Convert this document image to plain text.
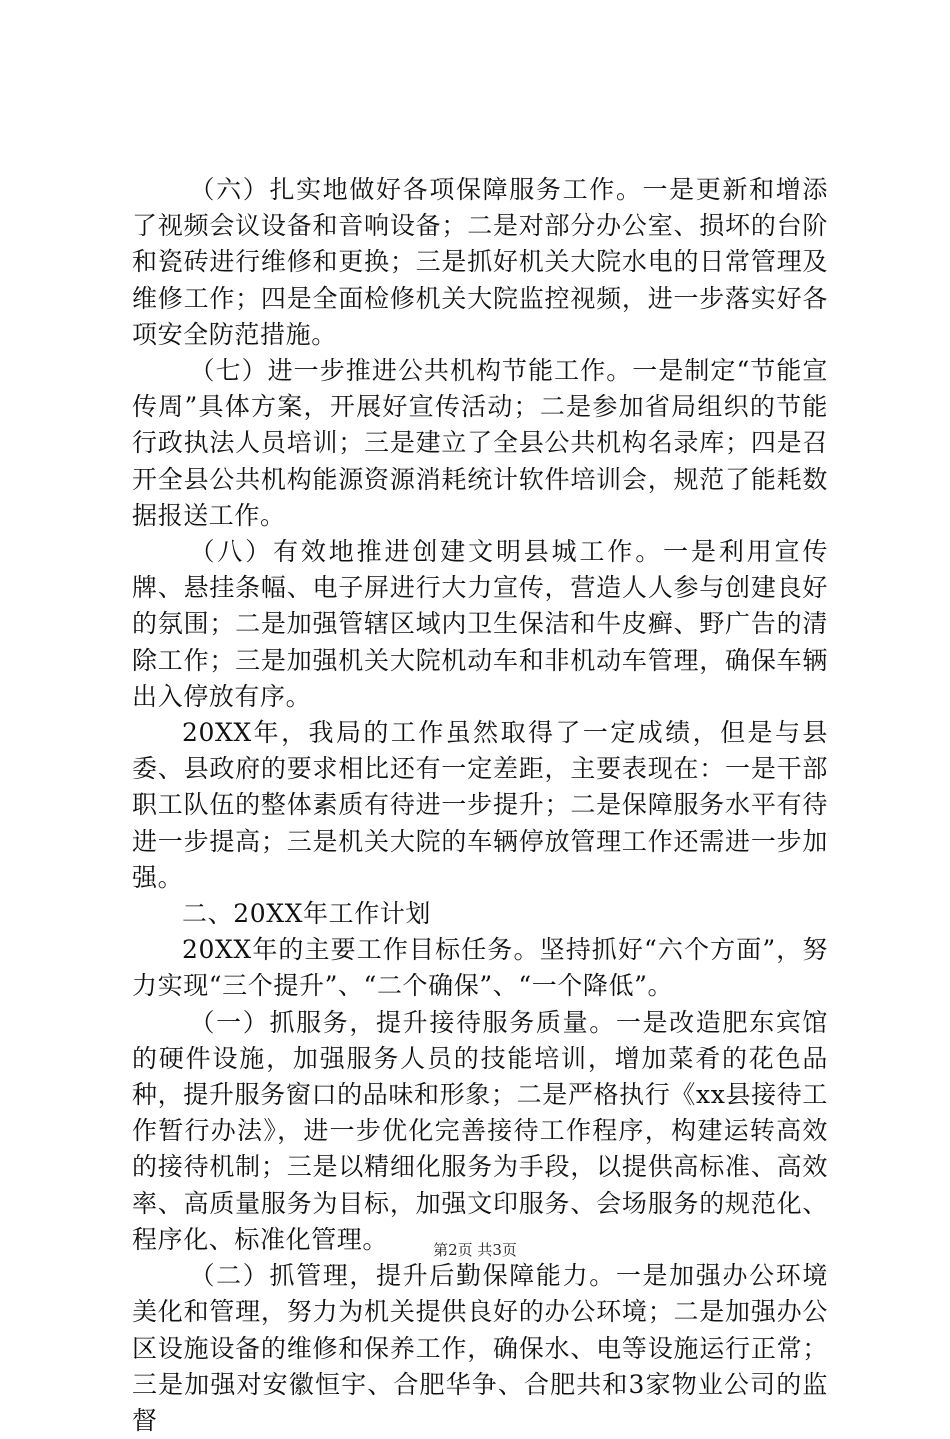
（六）扎实地做好各项保障服务工作。一是更新和增添了视频会议设备和音响设备；二是对部分办公室、损坏的台阶和瓷砖进行维修和更换；三是抓好机关大院水电的日常管理及维修工作；四是全面检修机关大院监控视频，进一步落实好各项安全防范措施。

（七）进一步推进公共机构节能工作。一是制定“节能宣传周”具体方案，开展好宣传活动；二是参加省局组织的节能行政执法人员培训；三是建立了全县公共机构名录库；四是召开全县公共机构能源资源消耗统计软件培训会，规范了能耗数据报送工作。

（八）有效地推进创建文明县城工作。一是利用宣传牌、悬挂条幅、电子屏进行大力宣传，营造人人参与创建良好的氛围；二是加强管辖区域内卫生保洁和牛皮癣、野广告的清除工作；三是加强机关大院机动车和非机动车管理，确保车辆出入停放有序。

20XX年，我局的工作虽然取得了一定成绩，但是与县委、县政府的要求相比还有一定差距，主要表现在：一是干部职工队伍的整体素质有待进一步提升；二是保障服务水平有待进一步提高；三是机关大院的车辆停放管理工作还需进一步加强。

二、20XX年工作计划

20XX年的主要工作目标任务。坚持抓好“六个方面”，努力实现“三个提升”、“二个确保”、“一个降低”。

（一）抓服务，提升接待服务质量。一是改造肥东宾馆的硬件设施，加强服务人员的技能培训，增加菜肴的花色品种，提升服务窗口的品味和形象；二是严格执行《xx县接待工作暂行办法》，进一步优化完善接待工作程序，构建运转高效的接待机制；三是以精细化服务为手段，以提供高标准、高效率、高质量服务为目标，加强文印服务、会场服务的规范化、程序化、标准化管理。

（二）抓管理，提升后勤保障能力。一是加强办公环境美化和管理，努力为机关提供良好的办公环境；二是加强办公区设施设备的维修和保养工作，确保水、电等设施运行正常；三是加强对安徽恒宇、合肥华争、合肥共和3家物业公司的监督

第2页 共3页
